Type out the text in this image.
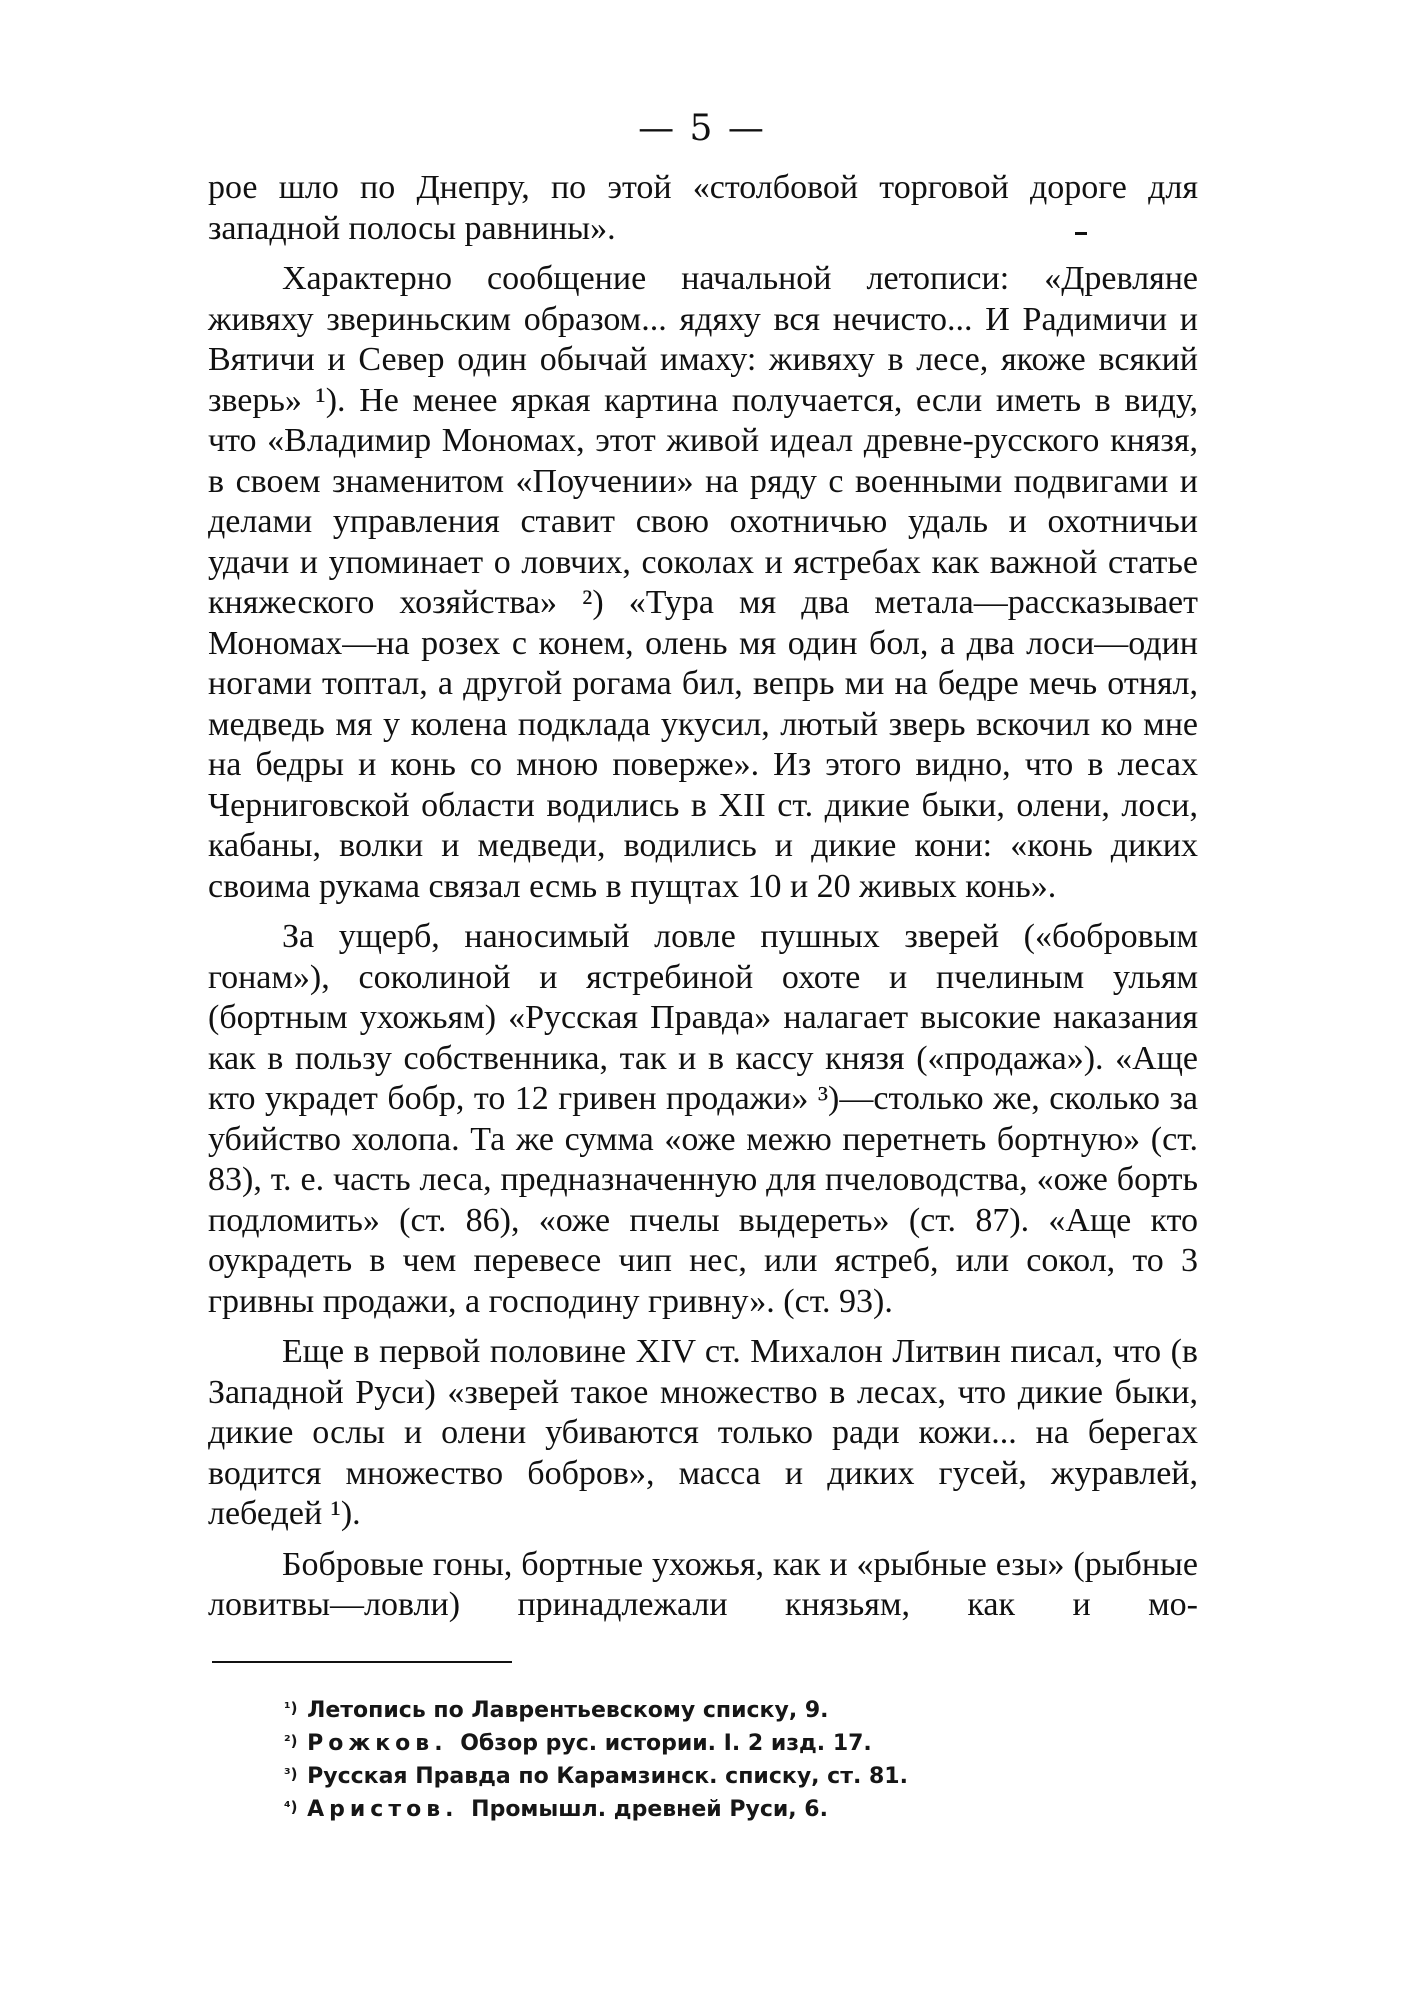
— 5 —

рое шло по Днепру, по этой «столбовой торговой дороге для западной полосы равнины».

Характерно сообщение начальной летописи: «Древляне живяху звериньским образом... ядяху вся нечисто... И Радимичи и Вятичи и Север один обычай имаху: живяху в лесе, якоже всякий зверь» ¹). Не менее яркая картина получается, если иметь в виду, что «Владимир Мономах, этот живой идеал древне-русского князя, в своем знаменитом «Поучении» на ряду с военными подвигами и делами управления ставит свою охотничью удаль и охотничьи удачи и упоминает о ловчих, соколах и ястребах как важной статье княжеского хозяйства» ²) «Тура мя два метала—рассказывает Мономах—на розех с конем, олень мя один бол, а два лоси—один ногами топтал, а другой рогама бил, вепрь ми на бедре мечь отнял, медведь мя у колена подклада укусил, лютый зверь вскочил ко мне на бедры и конь со мною поверже». Из этого видно, что в лесах Черниговской области водились в XII ст. дикие быки, олени, лоси, кабаны, волки и медведи, водились и дикие кони: «конь диких своима рукама связал есмь в пущтах 10 и 20 живых конь».

За ущерб, наносимый ловле пушных зверей («бобровым гонам»), соколиной и ястребиной охоте и пчелиным ульям (бортным ухожьям) «Русская Правда» налагает высокие наказания как в пользу собственника, так и в кассу князя («продажа»). «Аще кто украдет бобр, то 12 гривен продажи» ³)—столько же, сколько за убийство холопа. Та же сумма «оже межю перетнеть бортную» (ст. 83), т. е. часть леса, предназначенную для пчеловодства, «оже борть подломить» (ст. 86), «оже пчелы выдереть» (ст. 87). «Аще кто оукрадеть в чем перевесе чип нес, или ястреб, или сокол, то 3 гривны продажи, а господину гривну». (ст. 93).

Еще в первой половине XIV ст. Михалон Литвин писал, что (в Западной Руси) «зверей такое множество в лесах, что дикие быки, дикие ослы и олени убиваются только ради кожи... на берегах водится множество бобров», масса и диких гусей, журавлей, лебедей ¹).

Бобровые гоны, бортные ухожья, как и «рыбные езы» (рыбные ловитвы—ловли) принадлежали князьям, как и мо-

$^{^1)}$ Летопись по Лаврентьевскому списку, 9.
$^{^2)}$ Рожков. Обзор рус. истории. I. 2 изд. 17.
$^{^3)}$ Русская Правда по Карамзинск. списку, ст. 81.
$^{^4)}$ Аристов. Промышл. древней Руси, 6.
